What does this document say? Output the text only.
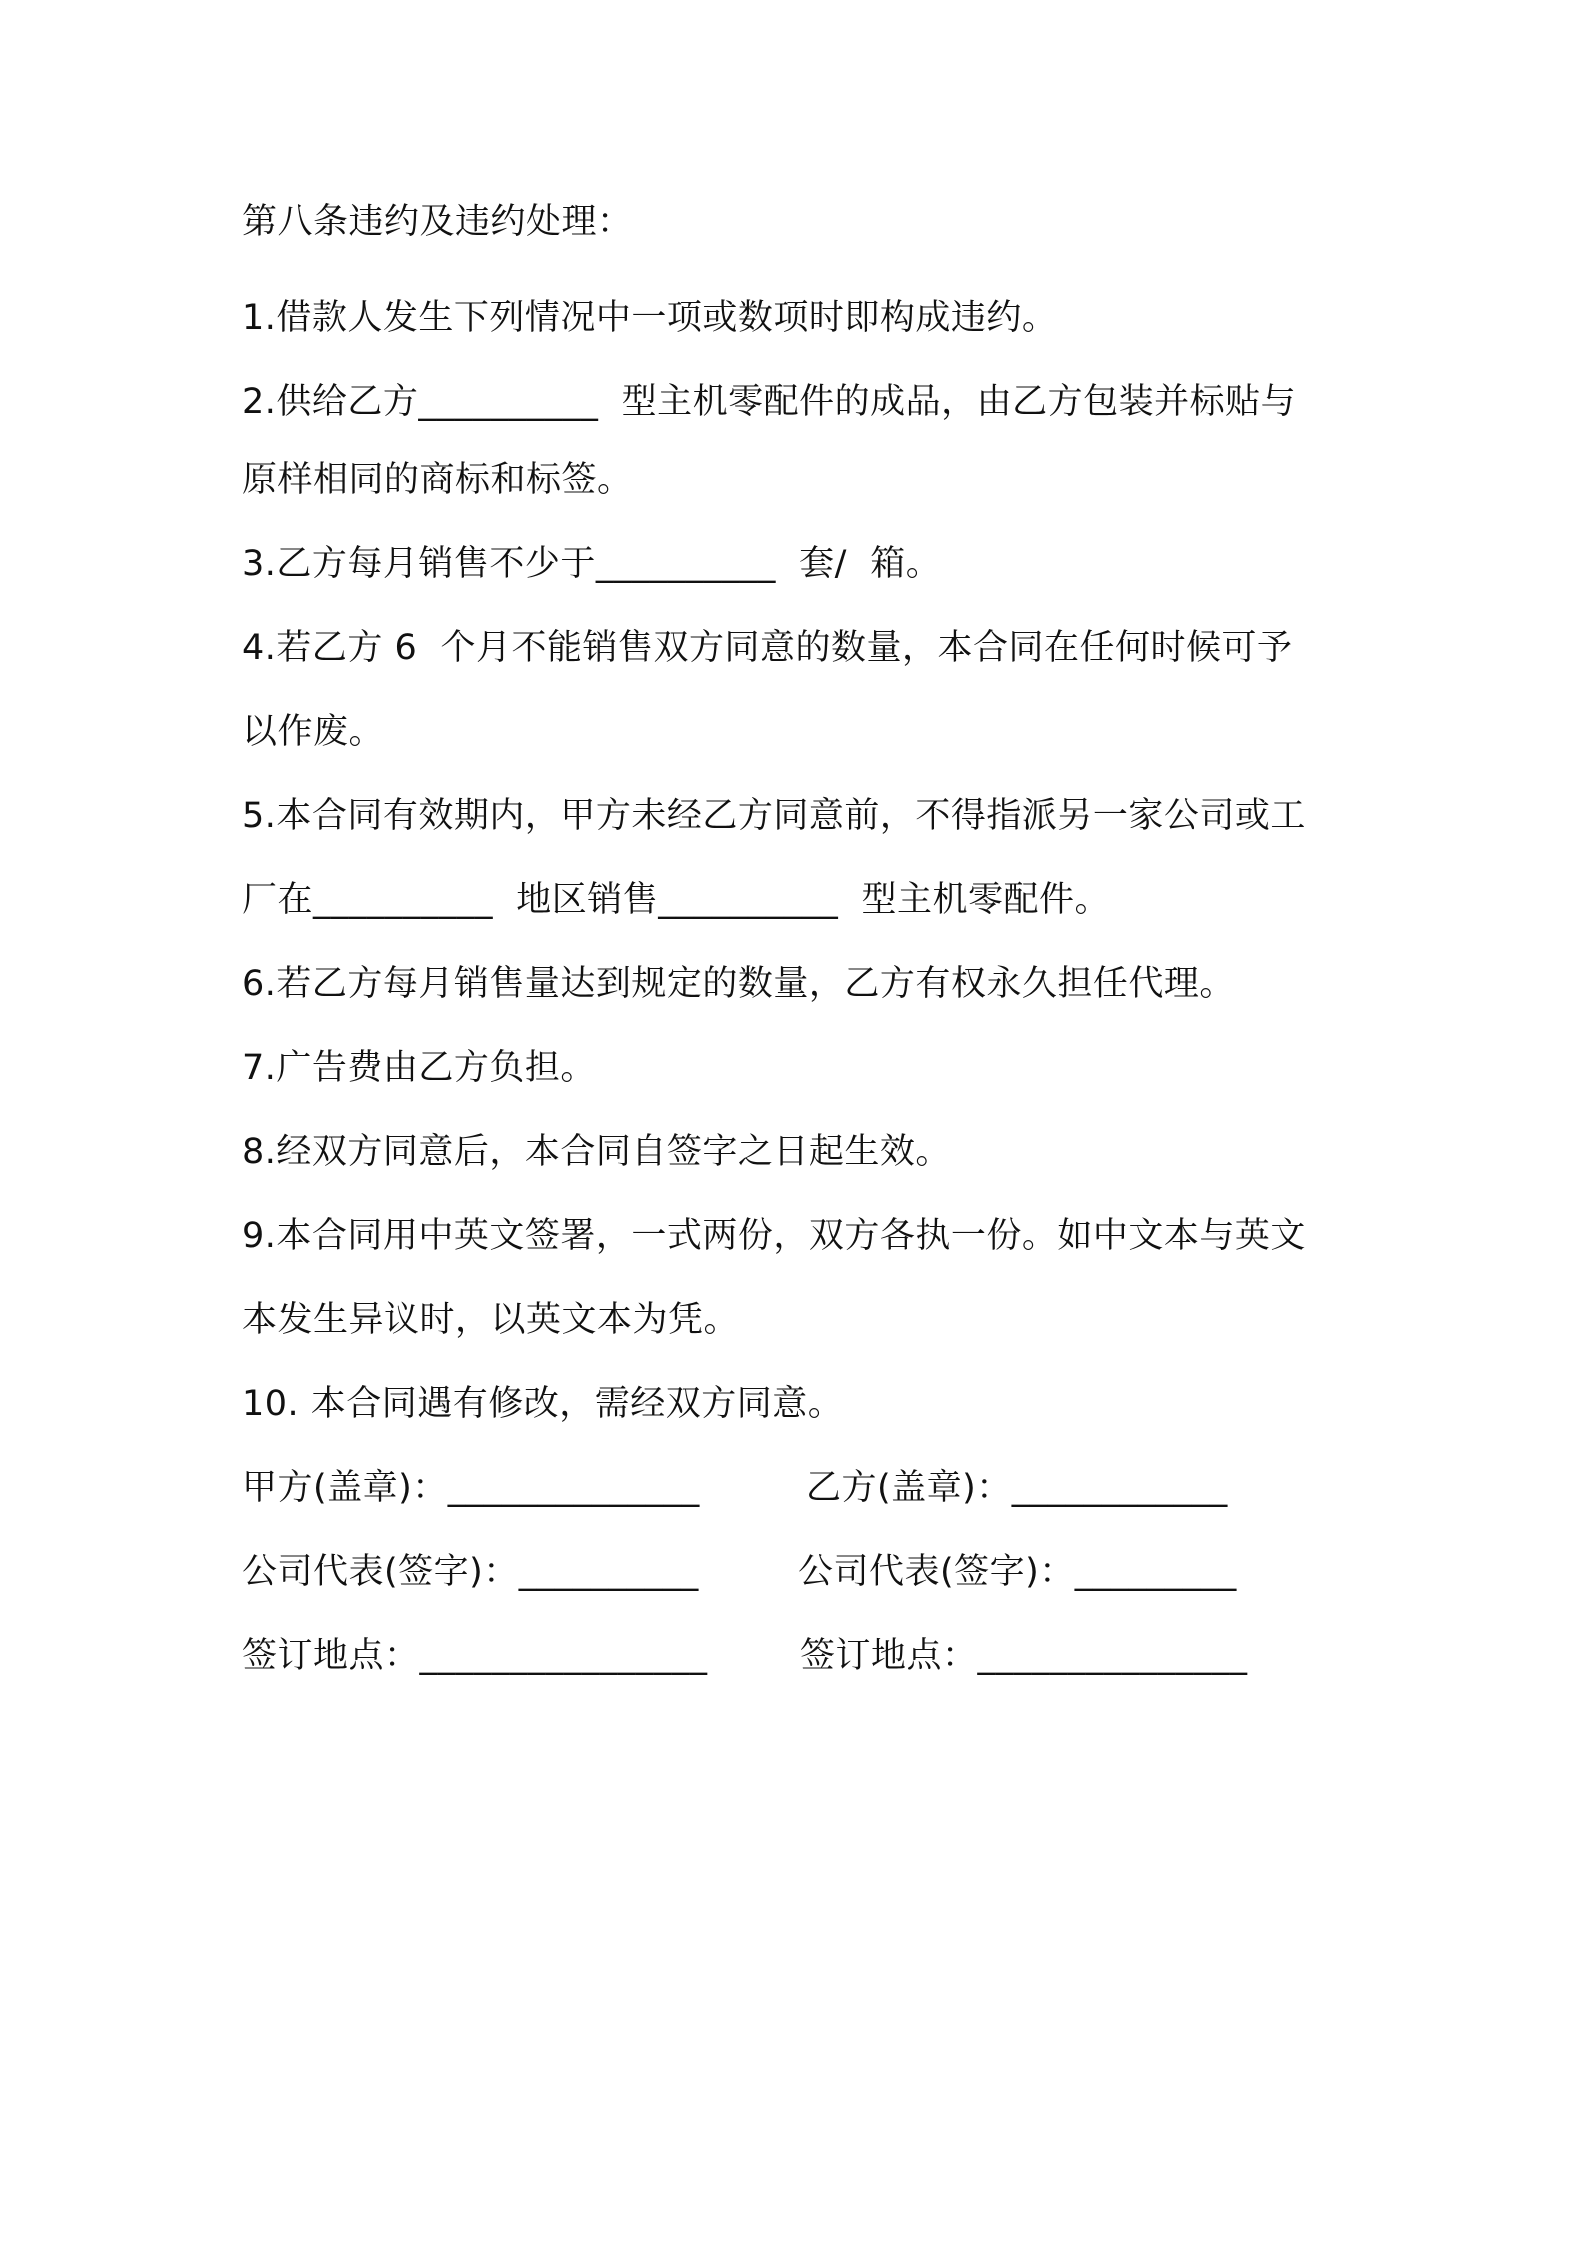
第八条违约及违约处理：

1.借款人发生下列情况中一项或数项时即构成违约。

2.供给乙方__________  型主机零配件的成品，由乙方包装并标贴与

原样相同的商标和标签。

3.乙方每月销售不少于__________  套/  箱。

4.若乙方 6  个月不能销售双方同意的数量，本合同在任何时候可予

以作废。

5.本合同有效期内，甲方未经乙方同意前，不得指派另一家公司或工

厂在__________  地区销售__________  型主机零配件。

6.若乙方每月销售量达到规定的数量，乙方有权永久担任代理。

7.广告费由乙方负担。

8.经双方同意后，本合同自签字之日起生效。

9.本合同用中英文签署，一式两份，双方各执一份。如中文本与英文

本发生异议时，以英文本为凭。

10. 本合同遇有修改，需经双方同意。

甲方(盖章)：______________	乙方(盖章)：____________

公司代表(签字)：__________	公司代表(签字)：_________

签订地点：________________	签订地点：_______________
